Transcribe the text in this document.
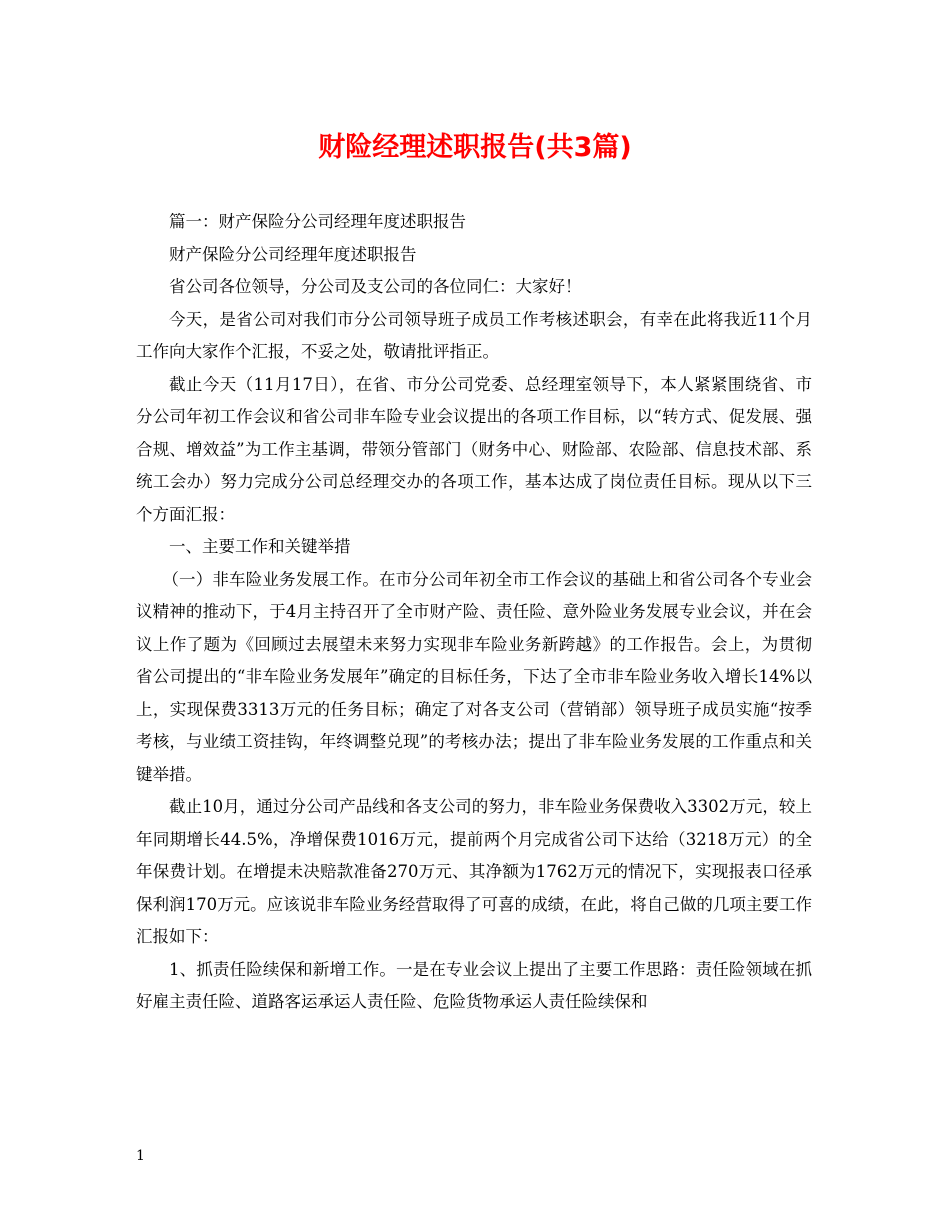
财险经理述职报告(共3篇)

篇一：财产保险分公司经理年度述职报告

财产保险分公司经理年度述职报告

省公司各位领导，分公司及支公司的各位同仁：大家好！

今天，是省公司对我们市分公司领导班子成员工作考核述职会，有幸在此将我近11个月工作向大家作个汇报，不妥之处，敬请批评指正。

截止今天（11月17日），在省、市分公司党委、总经理室领导下，本人紧紧围绕省、市分公司年初工作会议和省公司非车险专业会议提出的各项工作目标，以“转方式、促发展、强合规、增效益”为工作主基调，带领分管部门（财务中心、财险部、农险部、信息技术部、系统工会办）努力完成分公司总经理交办的各项工作，基本达成了岗位责任目标。现从以下三个方面汇报：

一、主要工作和关键举措

（一）非车险业务发展工作。在市分公司年初全市工作会议的基础上和省公司各个专业会议精神的推动下，于4月主持召开了全市财产险、责任险、意外险业务发展专业会议，并在会议上作了题为《回顾过去展望未来努力实现非车险业务新跨越》的工作报告。会上，为贯彻省公司提出的“非车险业务发展年”确定的目标任务，下达了全市非车险业务收入增长14%以上，实现保费3313万元的任务目标；确定了对各支公司（营销部）领导班子成员实施“按季考核，与业绩工资挂钩，年终调整兑现”的考核办法；提出了非车险业务发展的工作重点和关键举措。

截止10月，通过分公司产品线和各支公司的努力，非车险业务保费收入3302万元，较上年同期增长44.5%，净增保费1016万元，提前两个月完成省公司下达给（3218万元）的全年保费计划。在增提未决赔款准备270万元、其净额为1762万元的情况下，实现报表口径承保利润170万元。应该说非车险业务经营取得了可喜的成绩，在此，将自己做的几项主要工作汇报如下：

1、抓责任险续保和新增工作。一是在专业会议上提出了主要工作思路：责任险领域在抓好雇主责任险、道路客运承运人责任险、危险货物承运人责任险续保和

1
